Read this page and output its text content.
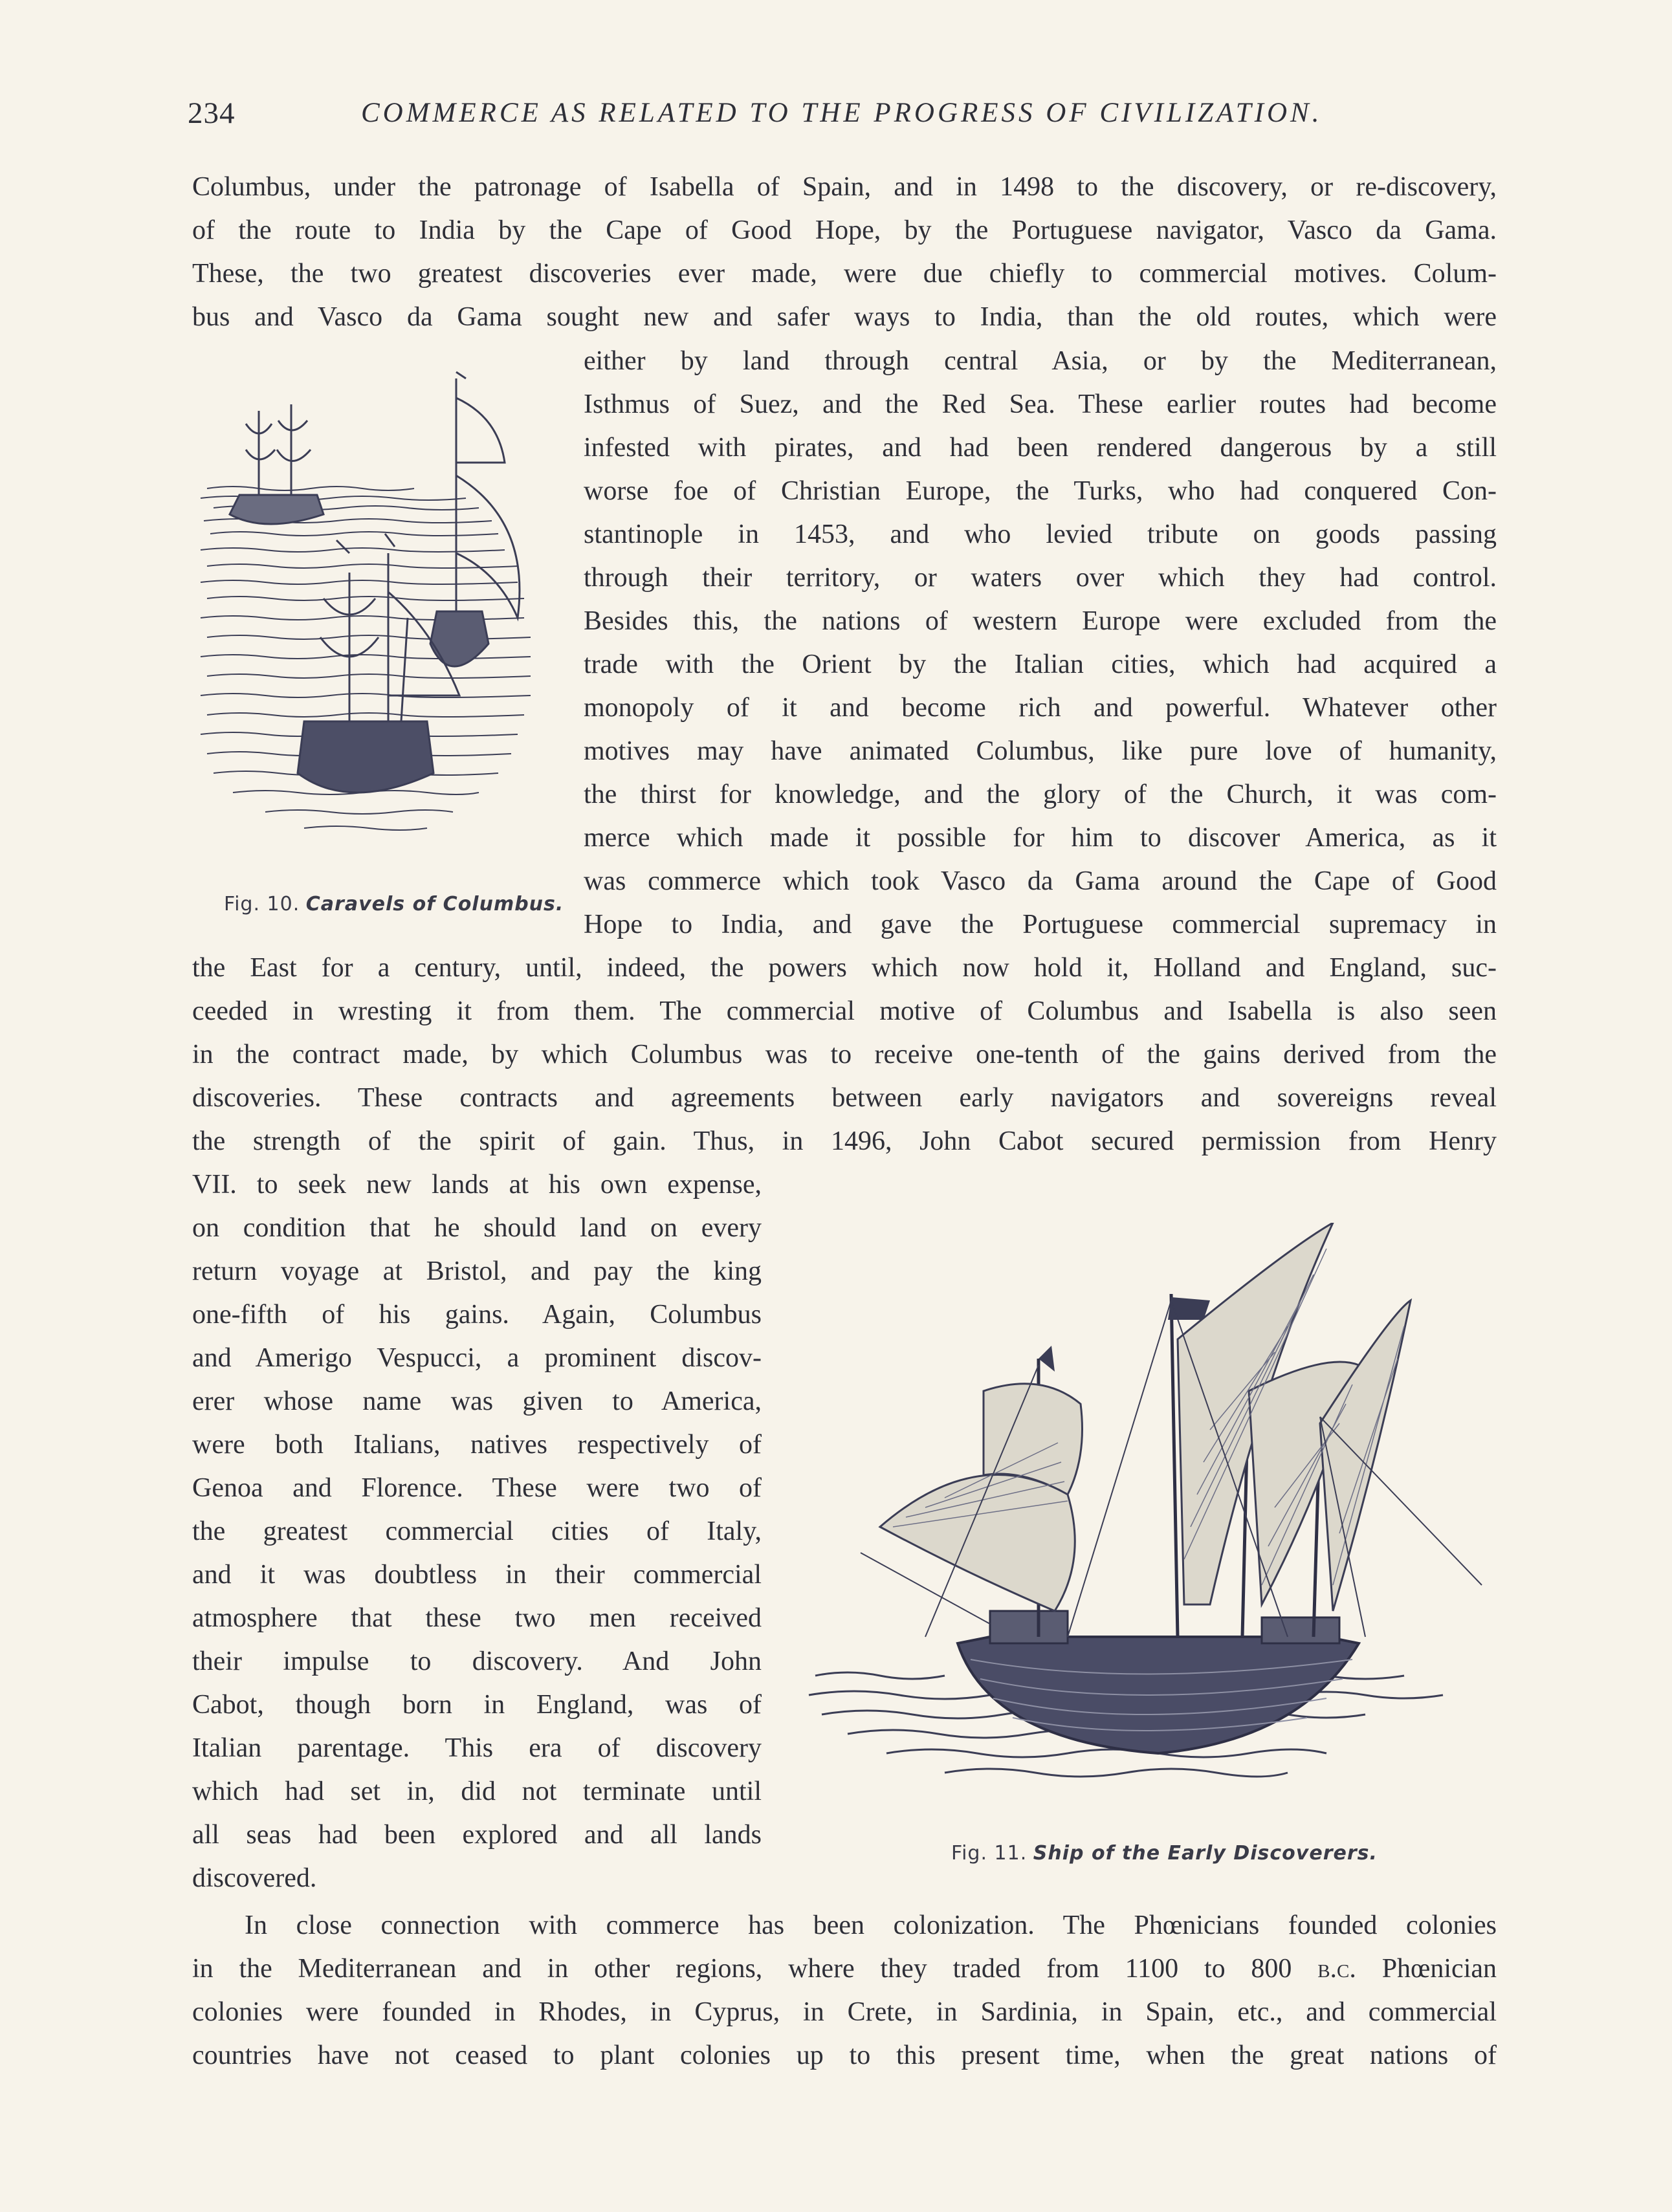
234	COMMERCE AS RELATED TO THE PROGRESS OF CIVILIZATION.
Columbus, under the patronage of Isabella of Spain, and in 1498 to the discovery, or re-discovery,
of the route to India by the Cape of Good Hope, by the Portuguese navigator, Vasco da Gama.
These, the two greatest discoveries ever made, were due chiefly to commercial motives. Colum-
bus and Vasco da Gama sought new and safer ways to India, than the old routes, which were
Fig. 10. Caravels of Columbus.
either by land through central Asia, or by the Mediterranean,
Isthmus of Suez, and the Red Sea. These earlier routes had become
infested with pirates, and had been rendered dangerous by a still
worse foe of Christian Europe, the Turks, who had conquered Con-
stantinople in 1453, and who levied tribute on goods passing
through their territory, or waters over which they had control.
Besides this, the nations of western Europe were excluded from the
trade with the Orient by the Italian cities, which had acquired a
monopoly of it and become rich and powerful. Whatever other
motives may have animated Columbus, like pure love of humanity,
the thirst for knowledge, and the glory of the Church, it was com-
merce which made it possible for him to discover America, as it
was commerce which took Vasco da Gama around the Cape of Good
Hope to India, and gave the Portuguese commercial supremacy in
the East for a century, until, indeed, the powers which now hold it, Holland and England, suc-
ceeded in wresting it from them. The commercial motive of Columbus and Isabella is also seen
in the contract made, by which Columbus was to receive one-tenth of the gains derived from the
discoveries. These contracts and agreements between early navigators and sovereigns reveal
the strength of the spirit of gain. Thus, in 1496, John Cabot secured permission from Henry
VII. to seek new lands at his own expense,
on condition that he should land on every
return voyage at Bristol, and pay the king
one-fifth of his gains. Again, Columbus
and Amerigo Vespucci, a prominent discov-
erer whose name was given to America,
were both Italians, natives respectively of
Genoa and Florence. These were two of
the greatest commercial cities of Italy,
and it was doubtless in their commercial
atmosphere that these two men received
their impulse to discovery. And John
Cabot, though born in England, was of
Italian parentage. This era of discovery
which had set in, did not terminate until
all seas had been explored and all lands
discovered.
Fig. 11. Ship of the Early Discoverers.
In close connection with commerce has been colonization. The Phœnicians founded colonies
in the Mediterranean and in other regions, where they traded from 1100 to 800 b.c. Phœnician
colonies were founded in Rhodes, in Cyprus, in Crete, in Sardinia, in Spain, etc., and commercial
countries have not ceased to plant colonies up to this present time, when the great nations of
